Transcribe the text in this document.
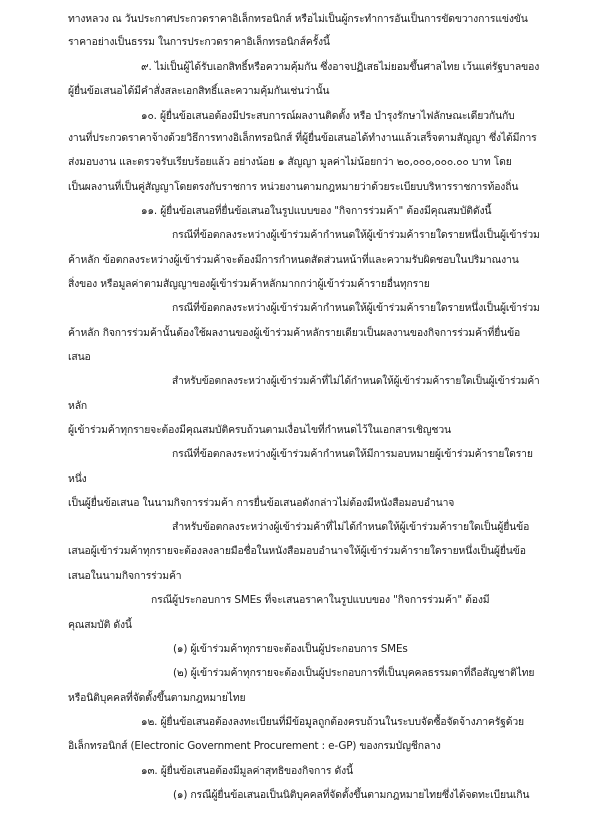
ทางหลวง ณ วันประกาศประกวดราคาอิเล็กทรอนิกส์ หรือไม่เป็นผู้กระทำการอันเป็นการขัดขวางการแข่งขัน
ราคาอย่างเป็นธรรม ในการประกวดราคาอิเล็กทรอนิกส์ครั้งนี้
๙. ไม่เป็นผู้ได้รับเอกสิทธิ์หรือความคุ้มกัน ซึ่งอาจปฏิเสธไม่ยอมขึ้นศาลไทย เว้นแต่รัฐบาลของ
ผู้ยื่นข้อเสนอได้มีคำสั่งสละเอกสิทธิ์และความคุ้มกันเช่นว่านั้น
๑๐. ผู้ยื่นข้อเสนอต้องมีประสบการณ์ผลงานติดตั้ง หรือ บำรุงรักษาไฟลักษณะเดียวกันกับ
งานที่ประกวดราคาจ้างด้วยวิธีการทางอิเล็กทรอนิกส์ ที่ผู้ยื่นข้อเสนอได้ทำงานแล้วเสร็จตามสัญญา ซึ่งได้มีการ
ส่งมอบงาน และตรวจรับเรียบร้อยแล้ว อย่างน้อย ๑ สัญญา มูลค่าไม่น้อยกว่า ๒๐,๐๐๐,๐๐๐.๐๐ บาท โดย
เป็นผลงานที่เป็นคู่สัญญาโดยตรงกับราชการ หน่วยงานตามกฎหมายว่าด้วยระเบียบบริหารราชการท้องถิ่น
๑๑. ผู้ยื่นข้อเสนอที่ยื่นข้อเสนอในรูปแบบของ "กิจการร่วมค้า" ต้องมีคุณสมบัติดังนี้
กรณีที่ข้อตกลงระหว่างผู้เข้าร่วมค้ากำหนดให้ผู้เข้าร่วมค้ารายใดรายหนึ่งเป็นผู้เข้าร่วม
ค้าหลัก ข้อตกลงระหว่างผู้เข้าร่วมค้าจะต้องมีการกำหนดสัดส่วนหน้าที่และความรับผิดชอบในปริมาณงาน
สิ่งของ หรือมูลค่าตามสัญญาของผู้เข้าร่วมค้าหลักมากกว่าผู้เข้าร่วมค้ารายอื่นทุกราย
กรณีที่ข้อตกลงระหว่างผู้เข้าร่วมค้ากำหนดให้ผู้เข้าร่วมค้ารายใดรายหนึ่งเป็นผู้เข้าร่วม
ค้าหลัก กิจการร่วมค้านั้นต้องใช้ผลงานของผู้เข้าร่วมค้าหลักรายเดียวเป็นผลงานของกิจการร่วมค้าที่ยื่นข้อ
เสนอ
สำหรับข้อตกลงระหว่างผู้เข้าร่วมค้าที่ไม่ได้กำหนดให้ผู้เข้าร่วมค้ารายใดเป็นผู้เข้าร่วมค้า
หลัก
ผู้เข้าร่วมค้าทุกรายจะต้องมีคุณสมบัติครบถ้วนตามเงื่อนไขที่กำหนดไว้ในเอกสารเชิญชวน
กรณีที่ข้อตกลงระหว่างผู้เข้าร่วมค้ากำหนดให้มีการมอบหมายผู้เข้าร่วมค้ารายใดราย
หนึ่ง
เป็นผู้ยื่นข้อเสนอ ในนามกิจการร่วมค้า การยื่นข้อเสนอดังกล่าวไม่ต้องมีหนังสือมอบอำนาจ
สำหรับข้อตกลงระหว่างผู้เข้าร่วมค้าที่ไม่ได้กำหนดให้ผู้เข้าร่วมค้ารายใดเป็นผู้ยื่นข้อ
เสนอผู้เข้าร่วมค้าทุกรายจะต้องลงลายมือชื่อในหนังสือมอบอำนาจให้ผู้เข้าร่วมค้ารายใดรายหนึ่งเป็นผู้ยื่นข้อ
เสนอในนามกิจการร่วมค้า
กรณีผู้ประกอบการ SMEs ที่จะเสนอราคาในรูปแบบของ "กิจการร่วมค้า" ต้องมี
คุณสมบัติ ดังนี้
(๑) ผู้เข้าร่วมค้าทุกรายจะต้องเป็นผู้ประกอบการ SMEs
(๒) ผู้เข้าร่วมค้าทุกรายจะต้องเป็นผู้ประกอบการที่เป็นบุคคลธรรมดาที่ถือสัญชาติไทย
หรือนิติบุคคลที่จัดตั้งขึ้นตามกฎหมายไทย
๑๒. ผู้ยื่นข้อเสนอต้องลงทะเบียนที่มีข้อมูลถูกต้องครบถ้วนในระบบจัดซื้อจัดจ้างภาครัฐด้วย
อิเล็กทรอนิกส์ (Electronic Government Procurement : e-GP) ของกรมบัญชีกลาง
๑๓. ผู้ยื่นข้อเสนอต้องมีมูลค่าสุทธิของกิจการ ดังนี้
(๑) กรณีผู้ยื่นข้อเสนอเป็นนิติบุคคลที่จัดตั้งขึ้นตามกฎหมายไทยซึ่งได้จดทะเบียนเกิน
